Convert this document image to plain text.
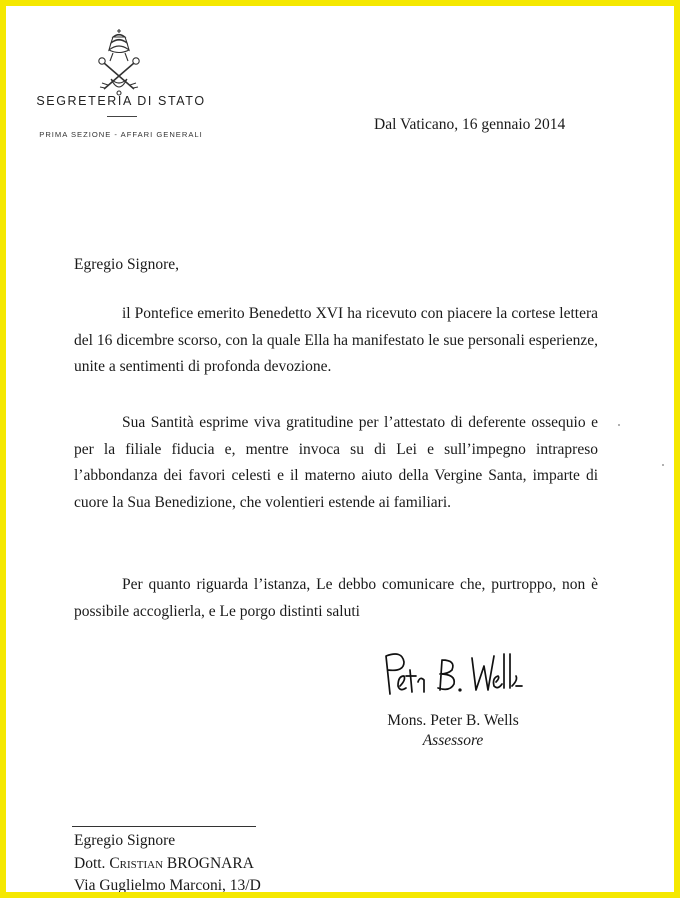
SEGRETERIA DI STATO
PRIMA SEZIONE - AFFARI GENERALI
Dal Vaticano, 16 gennaio 2014
Egregio Signore,

il Pontefice emerito Benedetto XVI ha ricevuto con piacere la cortese lettera del 16 dicembre scorso, con la quale Ella ha manifestato le sue personali esperienze, unite a sentimenti di profonda devozione.

Sua Santità esprime viva gratitudine per l’attestato di deferente ossequio e per la filiale fiducia e, mentre invoca su di Lei e sull’impegno intrapreso l’abbondanza dei favori celesti e il materno aiuto della Vergine Santa, imparte di cuore la Sua Benedizione, che volentieri estende ai familiari.

Per quanto riguarda l’istanza, Le debbo comunicare che, purtroppo, non è possibile accoglierla, e Le porgo distinti saluti

Mons. Peter B. Wells
Assessore
Egregio Signore
Dott. Cristian BROGNARA
Via Guglielmo Marconi, 13/D
